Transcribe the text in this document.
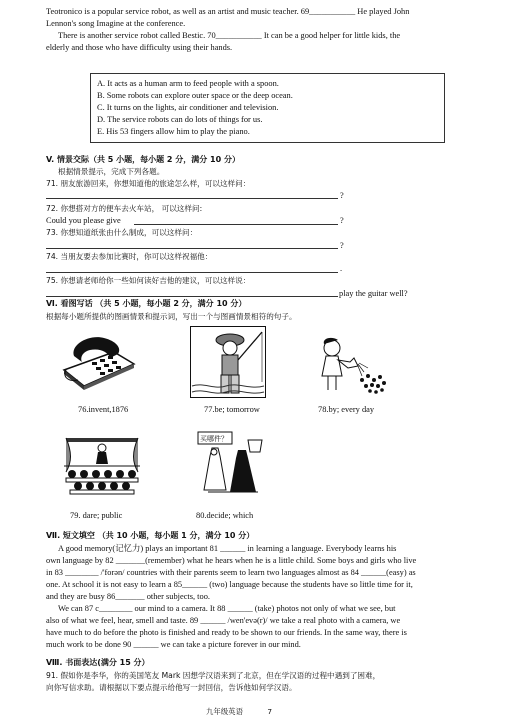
Teotronico is a popular service robot, as well as an artist and music teacher. 69___________ He played John
Lennon's song Imagine at the conference.
There is another service robot called Bestic. 70___________ It can be a good helper for little kids, the
elderly and those who have difficulty using their hands.
A. It acts as a human arm to feed people with a spoon.
B. Some robots can explore outer space or the deep ocean.
C. It turns on the lights, air conditioner and television.
D. The service robots can do lots of things for us.
E. His 53 fingers allow him to play the piano.
V. 情景交际（共 5 小题，每小题 2 分，满分 10 分）
根据情景提示，完成下列各题。
71. 朋友旅游回来，你想知道他的旅途怎么样，可以这样问：
?
72. 你想搭对方的便车去火车站， 可以这样问:
Could you please give	?
73. 你想知道纸张由什么制成，可以这样问：
?
74. 当朋友要去参加比赛时，你可以这样祝福他：
.
75. 你想请老师给你一些如何读好吉他的建议，可以这样说：
play the guitar well?
Ⅵ. 看图写话 （共 5 小题，每小题 2 分，满分 10 分）
根据每小题所提供的图画情景和提示词，写出一个与图画情景相符的句子。
76.invent,1876	77.be; tomorrow	78.by; every day
买哪件？
79. dare; public	80.decide; which
Ⅶ. 短文填空 （共 10 小题，每小题 1 分，满分 10 分）
A good memory(记忆力) plays an important 81 ______ in learning a language. Everybody learns his
own language by 82 _______(remember) what he hears when he is a little child. Some boys and girls who live
in 83 ________ /'forən/ countries with their parents seem to learn two languages almost as 84 ______(easy) as
one. At school it is not easy to learn a 85______ (two) language because the students have so little time for it,
and they are busy 86_______ other subjects, too.
We can 87 c________ our mind to a camera. It 88 ______ (take) photos not only of what we see, but
also of what we feel, hear, smell and taste. 89 ______ /wen'evə(r)/ we take a real photo with a camera, we
have much to do before the photo is finished and ready to be shown to our friends. In the same way, there is
much work to be done 90 ______ we can take a picture forever in our mind.
Ⅷ. 书面表达(满分 15 分）
91. 假如你是李华，你的美国笔友 Mark 因想学汉语来到了北京，但在学汉语的过程中遇到了困难，
向你写信求助。请根据以下要点提示给他写一封回信，告诉他如何学汉语。
九年级英语	7
